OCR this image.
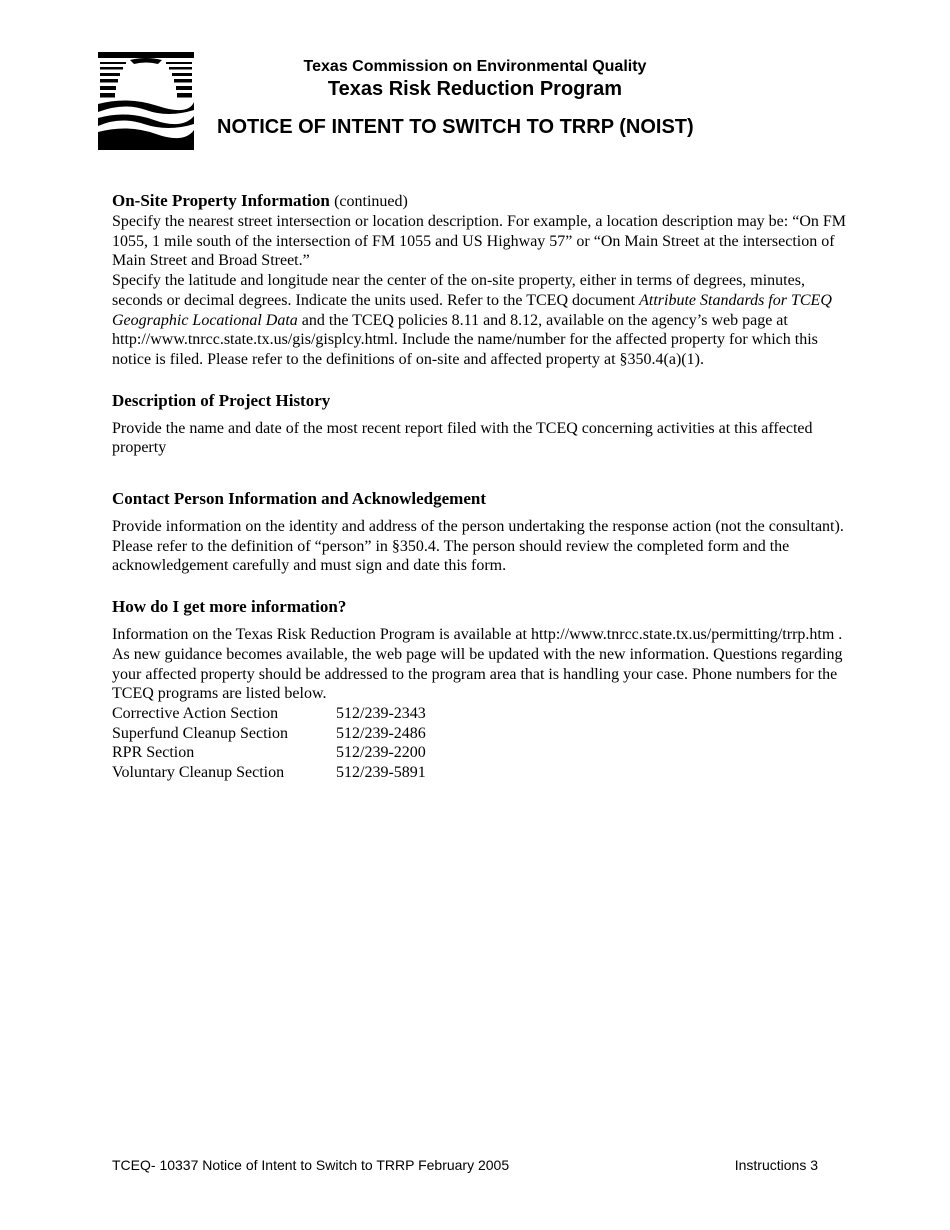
Texas Commission on Environmental Quality
Texas Risk Reduction Program
NOTICE OF INTENT TO SWITCH TO TRRP (NOIST)
On-Site Property Information (continued)

Specify the nearest street intersection or location description. For example, a location description may be: “On FM 1055, 1 mile south of the intersection of FM 1055 and US Highway 57” or “On Main Street at the intersection of Main Street and Broad Street.”

Specify the latitude and longitude near the center of the on-site property, either in terms of degrees, minutes, seconds or decimal degrees. Indicate the units used. Refer to the TCEQ document Attribute Standards for TCEQ Geographic Locational Data and the TCEQ policies 8.11 and 8.12, available on the agency’s web page at http://www.tnrcc.state.tx.us/gis/gisplcy.html. Include the name/number for the affected property for which this notice is filed. Please refer to the definitions of on-site and affected property at §350.4(a)(1).

Description of Project History

Provide the name and date of the most recent report filed with the TCEQ concerning activities at this affected property

Contact Person Information and Acknowledgement

Provide information on the identity and address of the person undertaking the response action (not the consultant). Please refer to the definition of “person” in §350.4. The person should review the completed form and the acknowledgement carefully and must sign and date this form.

How do I get more information?

Information on the Texas Risk Reduction Program is available at http://www.tnrcc.state.tx.us/permitting/trrp.htm . As new guidance becomes available, the web page will be updated with the new information. Questions regarding your affected property should be addressed to the program area that is handling your case. Phone numbers for the TCEQ programs are listed below.

Corrective Action Section	512/239-2343
Superfund Cleanup Section	512/239-2486
RPR Section	512/239-2200
Voluntary Cleanup Section	512/239-5891
TCEQ- 10337 Notice of Intent to Switch to TRRP February 2005	Instructions 3
